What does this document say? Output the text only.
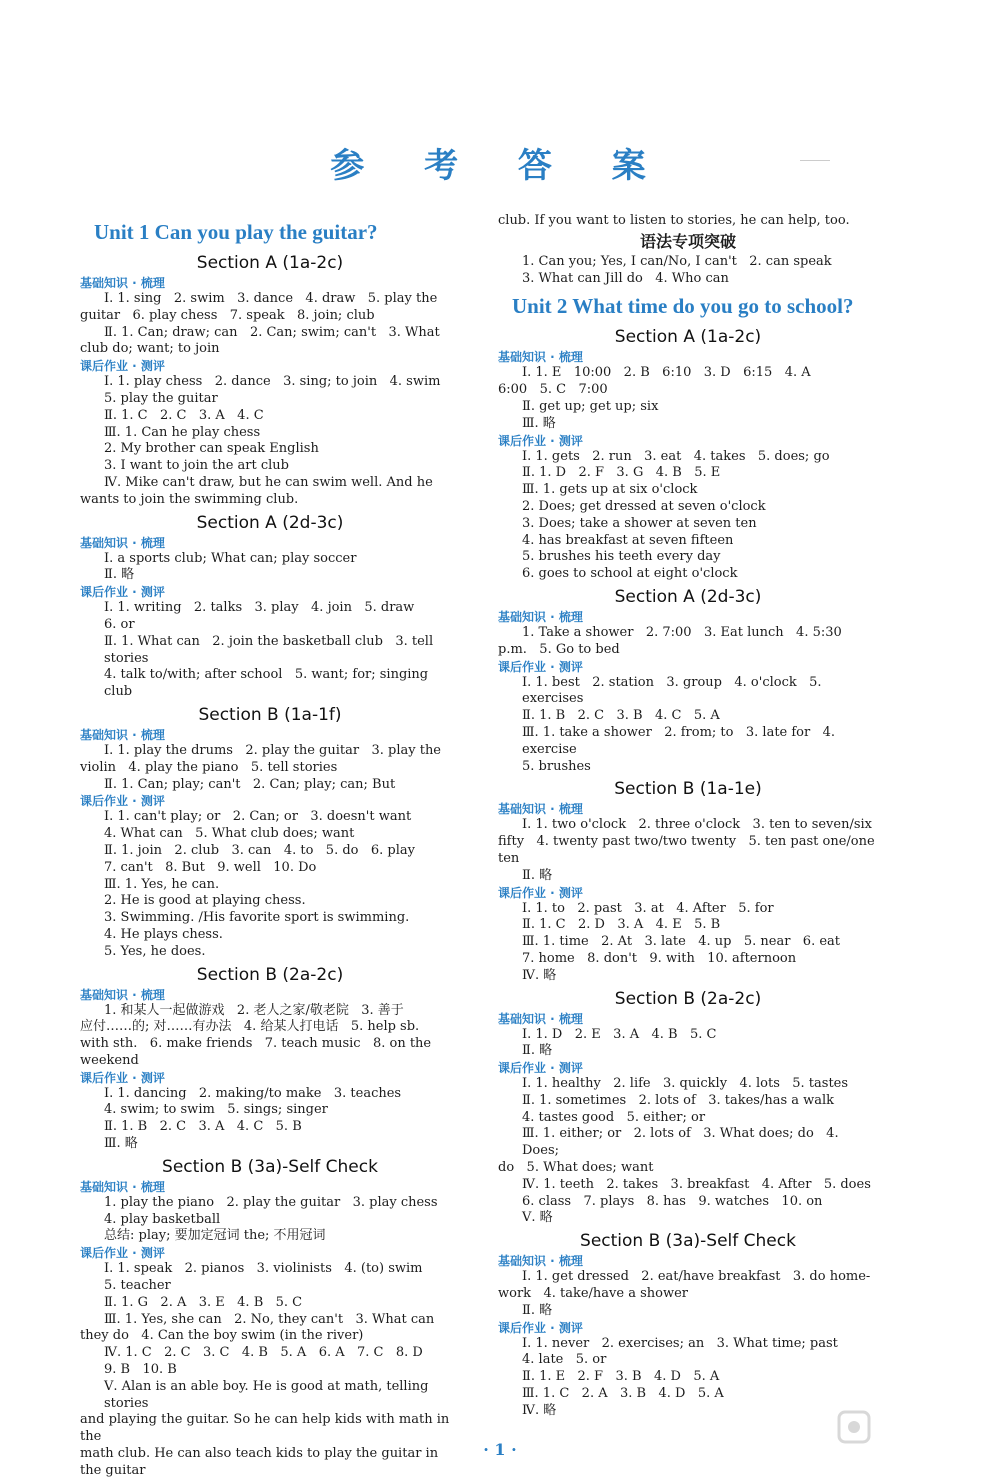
参 考 答 案
Unit 1 Can you play the guitar?
Section A (1a-2c)
基础知识 · 梳理
Ⅰ. 1. sing   2. swim   3. dance   4. draw   5. play the
guitar   6. play chess   7. speak   8. join; club
Ⅱ. 1. Can; draw; can   2. Can; swim; can't   3. What
club do; want; to join
课后作业 · 测评
Ⅰ. 1. play chess   2. dance   3. sing; to join   4. swim
5. play the guitar
Ⅱ. 1. C   2. C   3. A   4. C
Ⅲ. 1. Can he play chess
2. My brother can speak English
3. I want to join the art club
Ⅳ. Mike can't draw, but he can swim well. And he
wants to join the swimming club.
Section A (2d-3c)
基础知识 · 梳理
Ⅰ. a sports club; What can; play soccer
Ⅱ. 略
课后作业 · 测评
Ⅰ. 1. writing   2. talks   3. play   4. join   5. draw
6. or
Ⅱ. 1. What can   2. join the basketball club   3. tell stories
4. talk to/with; after school   5. want; for; singing club
Section B (1a-1f)
基础知识 · 梳理
Ⅰ. 1. play the drums   2. play the guitar   3. play the
violin   4. play the piano   5. tell stories
Ⅱ. 1. Can; play; can't   2. Can; play; can; But
课后作业 · 测评
Ⅰ. 1. can't play; or   2. Can; or   3. doesn't want
4. What can   5. What club does; want
Ⅱ. 1. join   2. club   3. can   4. to   5. do   6. play
7. can't   8. But   9. well   10. Do
Ⅲ. 1. Yes, he can.
2. He is good at playing chess.
3. Swimming. /His favorite sport is swimming.
4. He plays chess.
5. Yes, he does.
Section B (2a-2c)
基础知识 · 梳理
1. 和某人一起做游戏   2. 老人之家/敬老院   3. 善于
应付……的; 对……有办法   4. 给某人打电话   5. help sb.
with sth.   6. make friends   7. teach music   8. on the weekend
课后作业 · 测评
Ⅰ. 1. dancing   2. making/to make   3. teaches
4. swim; to swim   5. sings; singer
Ⅱ. 1. B   2. C   3. A   4. C   5. B
Ⅲ. 略
Section B (3a)-Self Check
基础知识 · 梳理
1. play the piano   2. play the guitar   3. play chess
4. play basketball
总结: play; 要加定冠词 the; 不用冠词
课后作业 · 测评
Ⅰ. 1. speak   2. pianos   3. violinists   4. (to) swim
5. teacher
Ⅱ. 1. G   2. A   3. E   4. B   5. C
Ⅲ. 1. Yes, she can   2. No, they can't   3. What can
they do   4. Can the boy swim (in the river)
Ⅳ. 1. C   2. C   3. C   4. B   5. A   6. A   7. C   8. D
9. B   10. B
Ⅴ. Alan is an able boy. He is good at math, telling stories
and playing the guitar. So he can help kids with math in the
math club. He can also teach kids to play the guitar in the guitar
club. If you want to listen to stories, he can help, too.
语法专项突破
1. Can you; Yes, I can/No, I can't   2. can speak
3. What can Jill do   4. Who can
Unit 2 What time do you go to school?
Section A (1a-2c)
基础知识 · 梳理
Ⅰ. 1. E   10:00   2. B   6:10   3. D   6:15   4. A
6:00   5. C   7:00
Ⅱ. get up; get up; six
Ⅲ. 略
课后作业 · 测评
Ⅰ. 1. gets   2. run   3. eat   4. takes   5. does; go
Ⅱ. 1. D   2. F   3. G   4. B   5. E
Ⅲ. 1. gets up at six o'clock
2. Does; get dressed at seven o'clock
3. Does; take a shower at seven ten
4. has breakfast at seven fifteen
5. brushes his teeth every day
6. goes to school at eight o'clock
Section A (2d-3c)
基础知识 · 梳理
1. Take a shower   2. 7:00   3. Eat lunch   4. 5:30
p.m.   5. Go to bed
课后作业 · 测评
Ⅰ. 1. best   2. station   3. group   4. o'clock   5. exercises
Ⅱ. 1. B   2. C   3. B   4. C   5. A
Ⅲ. 1. take a shower   2. from; to   3. late for   4. exercise
5. brushes
Section B (1a-1e)
基础知识 · 梳理
Ⅰ. 1. two o'clock   2. three o'clock   3. ten to seven/six
fifty   4. twenty past two/two twenty   5. ten past one/one ten
Ⅱ. 略
课后作业 · 测评
Ⅰ. 1. to   2. past   3. at   4. After   5. for
Ⅱ. 1. C   2. D   3. A   4. E   5. B
Ⅲ. 1. time   2. At   3. late   4. up   5. near   6. eat
7. home   8. don't   9. with   10. afternoon
Ⅳ. 略
Section B (2a-2c)
基础知识 · 梳理
Ⅰ. 1. D   2. E   3. A   4. B   5. C
Ⅱ. 略
课后作业 · 测评
Ⅰ. 1. healthy   2. life   3. quickly   4. lots   5. tastes
Ⅱ. 1. sometimes   2. lots of   3. takes/has a walk
4. tastes good   5. either; or
Ⅲ. 1. either; or   2. lots of   3. What does; do   4. Does;
do   5. What does; want
Ⅳ. 1. teeth   2. takes   3. breakfast   4. After   5. does
6. class   7. plays   8. has   9. watches   10. on
Ⅴ. 略
Section B (3a)-Self Check
基础知识 · 梳理
Ⅰ. 1. get dressed   2. eat/have breakfast   3. do home-
work   4. take/have a shower
Ⅱ. 略
课后作业 · 测评
Ⅰ. 1. never   2. exercises; an   3. What time; past
4. late   5. or
Ⅱ. 1. E   2. F   3. B   4. D   5. A
Ⅲ. 1. C   2. A   3. B   4. D   5. A
Ⅳ. 略
· 1 ·
